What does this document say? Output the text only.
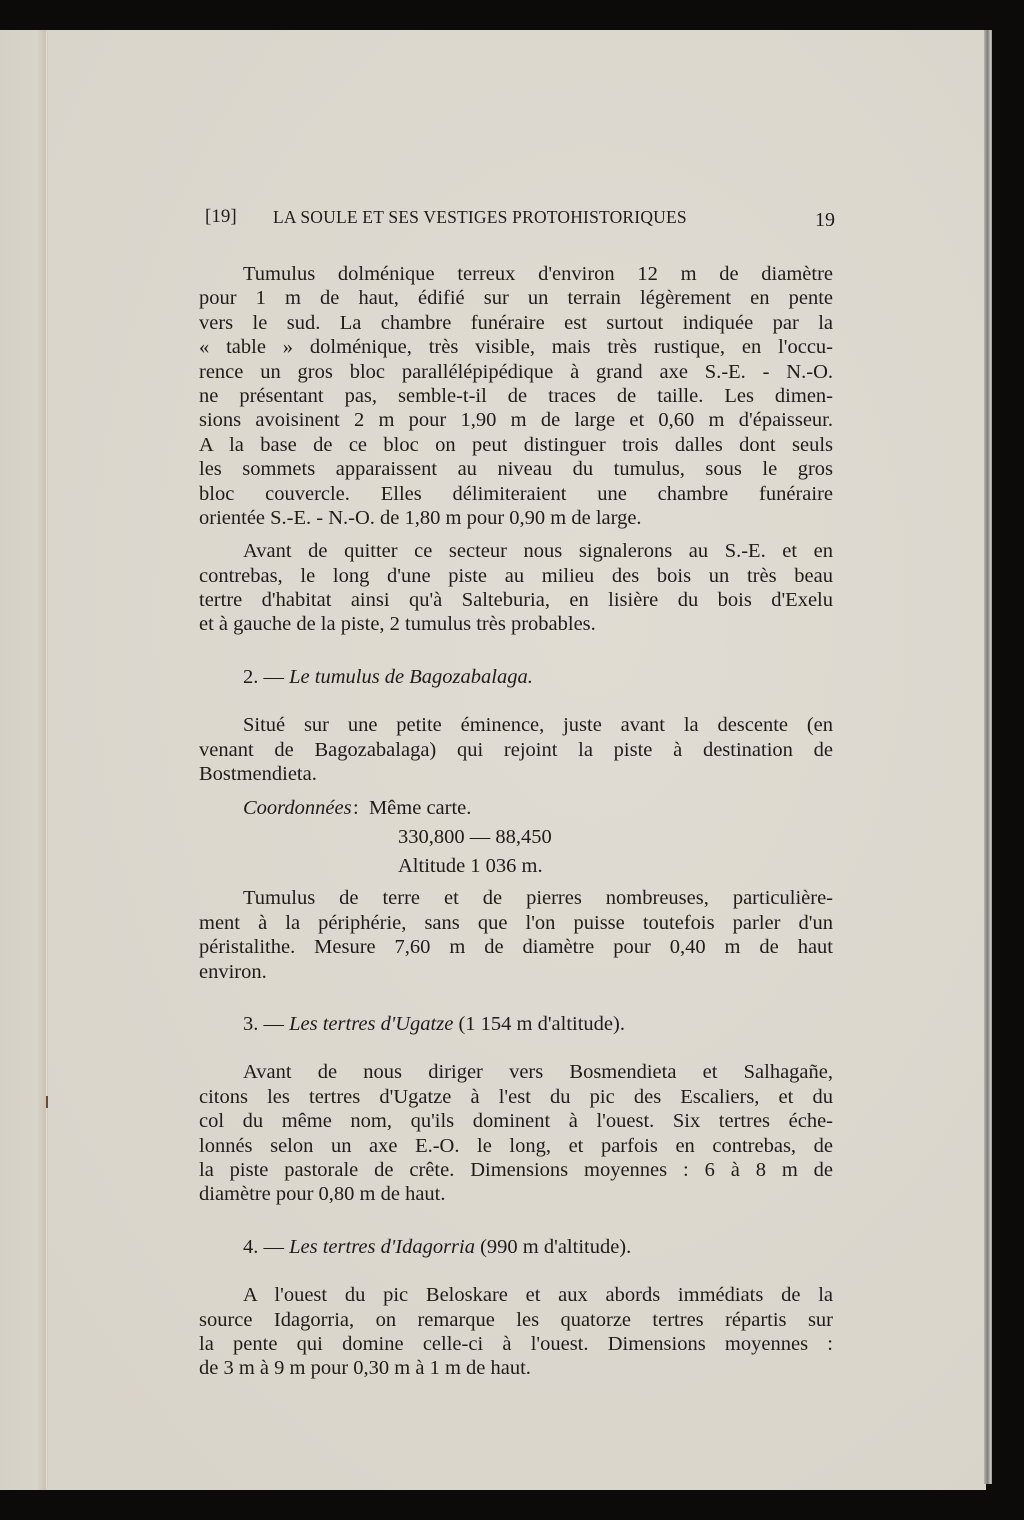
[19] LA SOULE ET SES VESTIGES PROTOHISTORIQUES	19
Tumulus dolménique terreux d'environ 12 m de diamètre
pour 1 m de haut, édifié sur un terrain légèrement en pente
vers le sud. La chambre funéraire est surtout indiquée par la
« table » dolménique, très visible, mais très rustique, en l'occu-
rence un gros bloc parallélépipédique à grand axe S.-E. - N.-O.
ne présentant pas, semble-t-il de traces de taille. Les dimen-
sions avoisinent 2 m pour 1,90 m de large et 0,60 m d'épaisseur.
A la base de ce bloc on peut distinguer trois dalles dont seuls
les sommets apparaissent au niveau du tumulus, sous le gros
bloc couvercle. Elles délimiteraient une chambre funéraire
orientée S.-E. - N.-O. de 1,80 m pour 0,90 m de large.
Avant de quitter ce secteur nous signalerons au S.-E. et en
contrebas, le long d'une piste au milieu des bois un très beau
tertre d'habitat ainsi qu'à Salteburia, en lisière du bois d'Exelu
et à gauche de la piste, 2 tumulus très probables.
2. — Le tumulus de Bagozabalaga.
Situé sur une petite éminence, juste avant la descente (en
venant de Bagozabalaga) qui rejoint la piste à destination de
Bostmendieta.
Coordonnées: Même carte.
330,800 — 88,450
Altitude 1 036 m.
Tumulus de terre et de pierres nombreuses, particulière-
ment à la périphérie, sans que l'on puisse toutefois parler d'un
péristalithe. Mesure 7,60 m de diamètre pour 0,40 m de haut
environ.
3. — Les tertres d'Ugatze (1 154 m d'altitude).
Avant de nous diriger vers Bosmendieta et Salhagañe,
citons les tertres d'Ugatze à l'est du pic des Escaliers, et du
col du même nom, qu'ils dominent à l'ouest. Six tertres éche-
lonnés selon un axe E.-O. le long, et parfois en contrebas, de
la piste pastorale de crête. Dimensions moyennes : 6 à 8 m de
diamètre pour 0,80 m de haut.
4. — Les tertres d'Idagorria (990 m d'altitude).
A l'ouest du pic Beloskare et aux abords immédiats de la
source Idagorria, on remarque les quatorze tertres répartis sur
la pente qui domine celle-ci à l'ouest. Dimensions moyennes :
de 3 m à 9 m pour 0,30 m à 1 m de haut.
